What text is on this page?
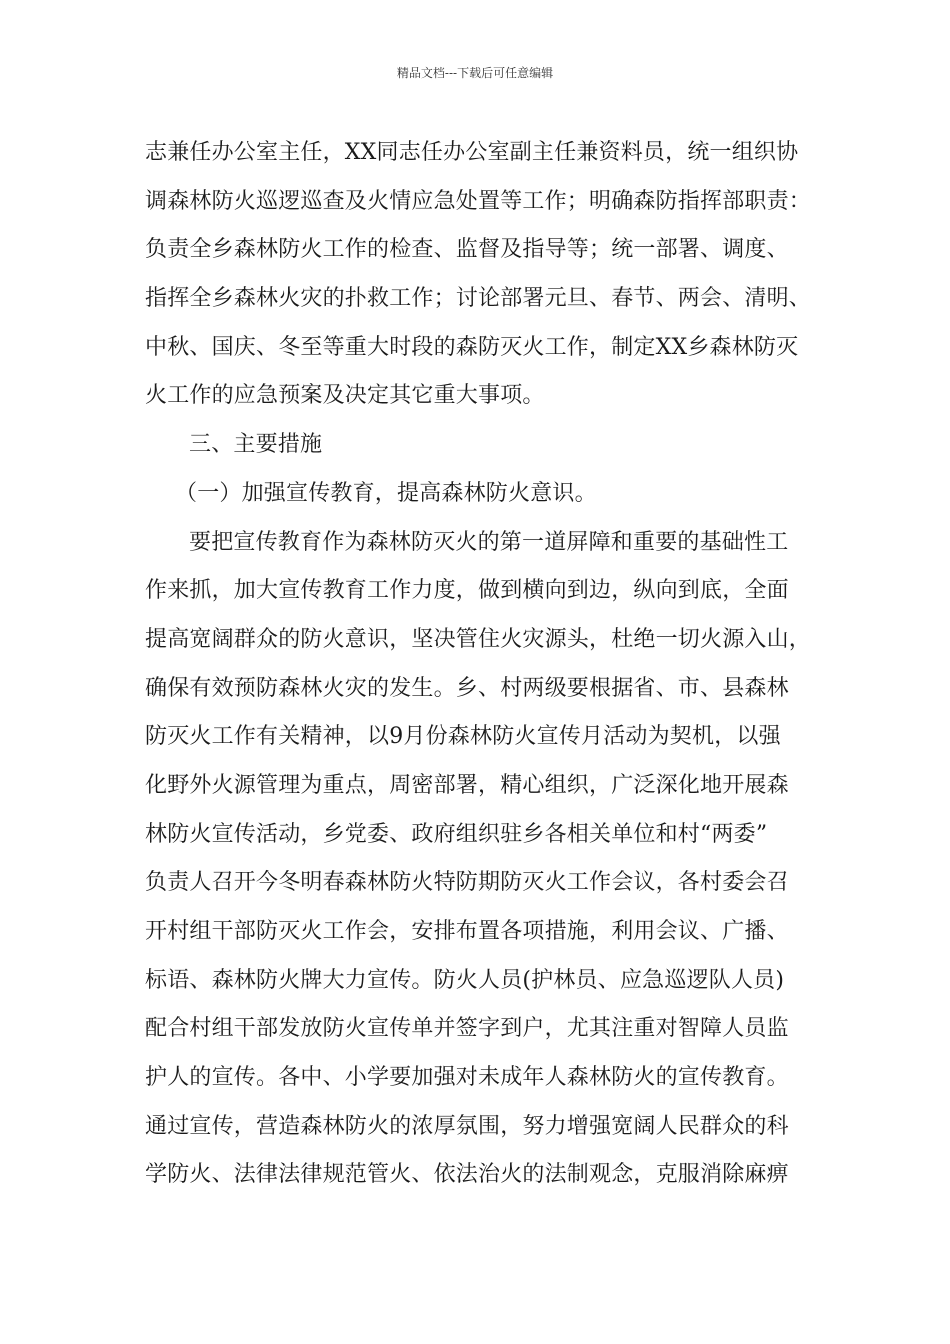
精品文档---下载后可任意编辑
志兼任办公室主任，XX同志任办公室副主任兼资料员，统一组织协
调森林防火巡逻巡查及火情应急处置等工作；明确森防指挥部职责：
负责全乡森林防火工作的检查、监督及指导等；统一部署、调度、
指挥全乡森林火灾的扑救工作；讨论部署元旦、春节、两会、清明、
中秋、国庆、冬至等重大时段的森防灭火工作，制定XX乡森林防灭
火工作的应急预案及决定其它重大事项。
三、主要措施
（一）加强宣传教育，提高森林防火意识。
要把宣传教育作为森林防灭火的第一道屏障和重要的基础性工
作来抓，加大宣传教育工作力度，做到横向到边，纵向到底，全面
提高宽阔群众的防火意识，坚决管住火灾源头，杜绝一切火源入山，
确保有效预防森林火灾的发生。乡、村两级要根据省、市、县森林
防灭火工作有关精神，以9月份森林防火宣传月活动为契机，以强
化野外火源管理为重点，周密部署，精心组织，广泛深化地开展森
林防火宣传活动，乡党委、政府组织驻乡各相关单位和村“两委”
负责人召开今冬明春森林防火特防期防灭火工作会议，各村委会召
开村组干部防灭火工作会，安排布置各项措施，利用会议、广播、
标语、森林防火牌大力宣传。防火人员(护林员、应急巡逻队人员)
配合村组干部发放防火宣传单并签字到户，尤其注重对智障人员监
护人的宣传。各中、小学要加强对未成年人森林防火的宣传教育。
通过宣传，营造森林防火的浓厚氛围，努力增强宽阔人民群众的科
学防火、法律法律规范管火、依法治火的法制观念，克服消除麻痹
